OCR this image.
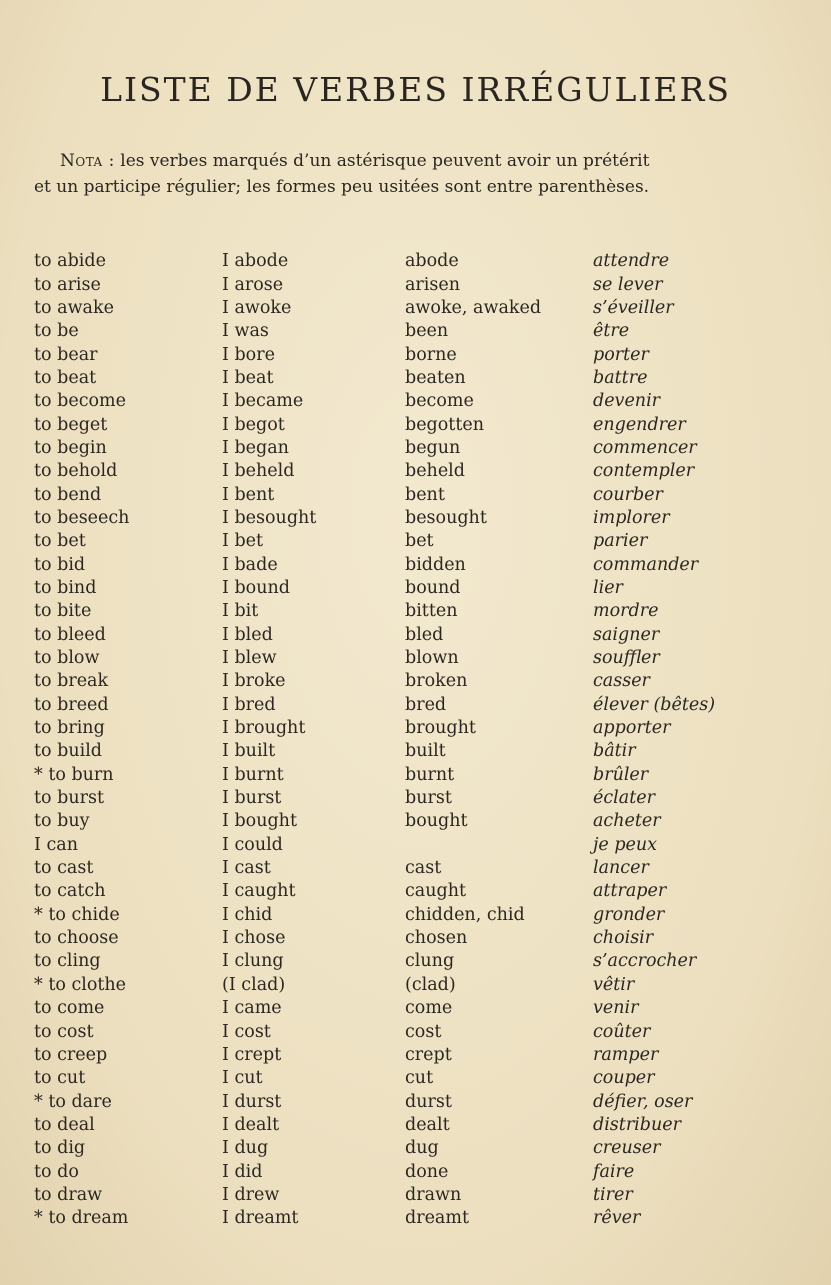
LISTE DE VERBES IRRÉGULIERS
Nota : les verbes marqués d’un astérisque peuvent avoir un prétérit
et un participe régulier; les formes peu usitées sont entre parenthèses.
to abide	I abode	abode	attendre
to arise	I arose	arisen	se lever
to awake	I awoke	awoke, awaked	s’éveiller
to be	I was	been	être
to bear	I bore	borne	porter
to beat	I beat	beaten	battre
to become	I became	become	devenir
to beget	I begot	begotten	engendrer
to begin	I began	begun	commencer
to behold	I beheld	beheld	contempler
to bend	I bent	bent	courber
to beseech	I besought	besought	implorer
to bet	I bet	bet	parier
to bid	I bade	bidden	commander
to bind	I bound	bound	lier
to bite	I bit	bitten	mordre
to bleed	I bled	bled	saigner
to blow	I blew	blown	souffler
to break	I broke	broken	casser
to breed	I bred	bred	élever (bêtes)
to bring	I brought	brought	apporter
to build	I built	built	bâtir
* to burn	I burnt	burnt	brûler
to burst	I burst	burst	éclater
to buy	I bought	bought	acheter
I can	I could		je peux
to cast	I cast	cast	lancer
to catch	I caught	caught	attraper
* to chide	I chid	chidden, chid	gronder
to choose	I chose	chosen	choisir
to cling	I clung	clung	s’accrocher
* to clothe	(I clad)	(clad)	vêtir
to come	I came	come	venir
to cost	I cost	cost	coûter
to creep	I crept	crept	ramper
to cut	I cut	cut	couper
* to dare	I durst	durst	défier, oser
to deal	I dealt	dealt	distribuer
to dig	I dug	dug	creuser
to do	I did	done	faire
to draw	I drew	drawn	tirer
* to dream	I dreamt	dreamt	rêver
